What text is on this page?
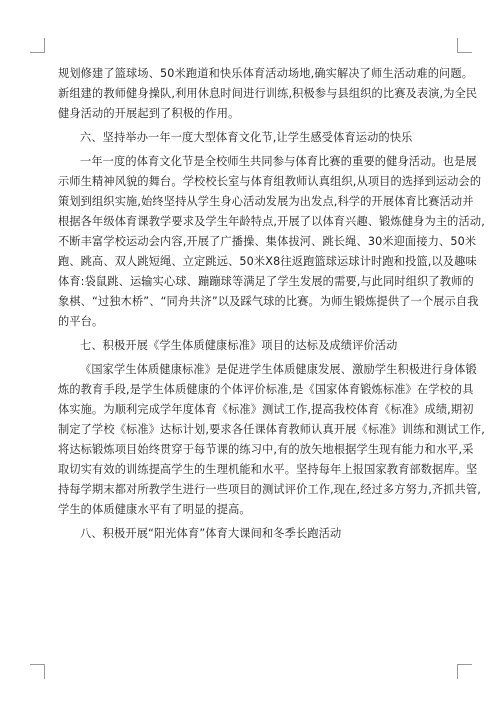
规划修建了篮球场、50米跑道和快乐体育活动场地,确实解决了师生活动难的问题。
新组建的教师健身操队,利用休息时间进行训练,积极参与县组织的比赛及表演,为全民
健身活动的开展起到了积极的作用。
六、坚持举办一年一度大型体育文化节,让学生感受体育运动的快乐
一年一度的体育文化节是全校师生共同参与体育比赛的重要的健身活动。也是展
示师生精神风貌的舞台。学校校长室与体育组教师认真组织,从项目的选择到运动会的
策划到组织实施,始终坚持从学生身心活动发展为出发点,科学的开展体育比赛活动并
根据各年级体育课教学要求及学生年龄特点,开展了以体育兴趣、锻炼健身为主的活动,
不断丰富学校运动会内容,开展了广播操、集体拔河、跳长绳、30米迎面接力、50米
跑、跳高、双人跳短绳、立定跳远、50米X8往返跑篮球运球计时跑和投篮,以及趣味
体育:袋鼠跳、运输实心球、蹦蹦球等满足了学生发展的需要,与此同时组织了教师的
象棋、“过独木桥”、“同舟共济”以及踩气球的比赛。为师生锻炼提供了一个展示自我
的平台。
七、积极开展《学生体质健康标准》项目的达标及成绩评价活动
《国家学生体质健康标准》是促进学生体质健康发展、激励学生积极进行身体锻
炼的教育手段,是学生体质健康的个体评价标准,是《国家体育锻炼标准》在学校的具
体实施。为顺利完成学年度体育《标准》测试工作,提高我校体育《标准》成绩,期初
制定了学校《标准》达标计划,要求各任课体育教师认真开展《标准》训练和测试工作,
将达标锻炼项目始终贯穿于每节课的练习中,有的放矢地根据学生现有能力和水平,采
取切实有效的训练提高学生的生理机能和水平。坚持每年上报国家教育部数据库。坚
持每学期末都对所教学生进行一些项目的测试评价工作,现在,经过多方努力,齐抓共管,
学生的体质健康水平有了明显的提高。
八、积极开展“阳光体育”体育大课间和冬季长跑活动
